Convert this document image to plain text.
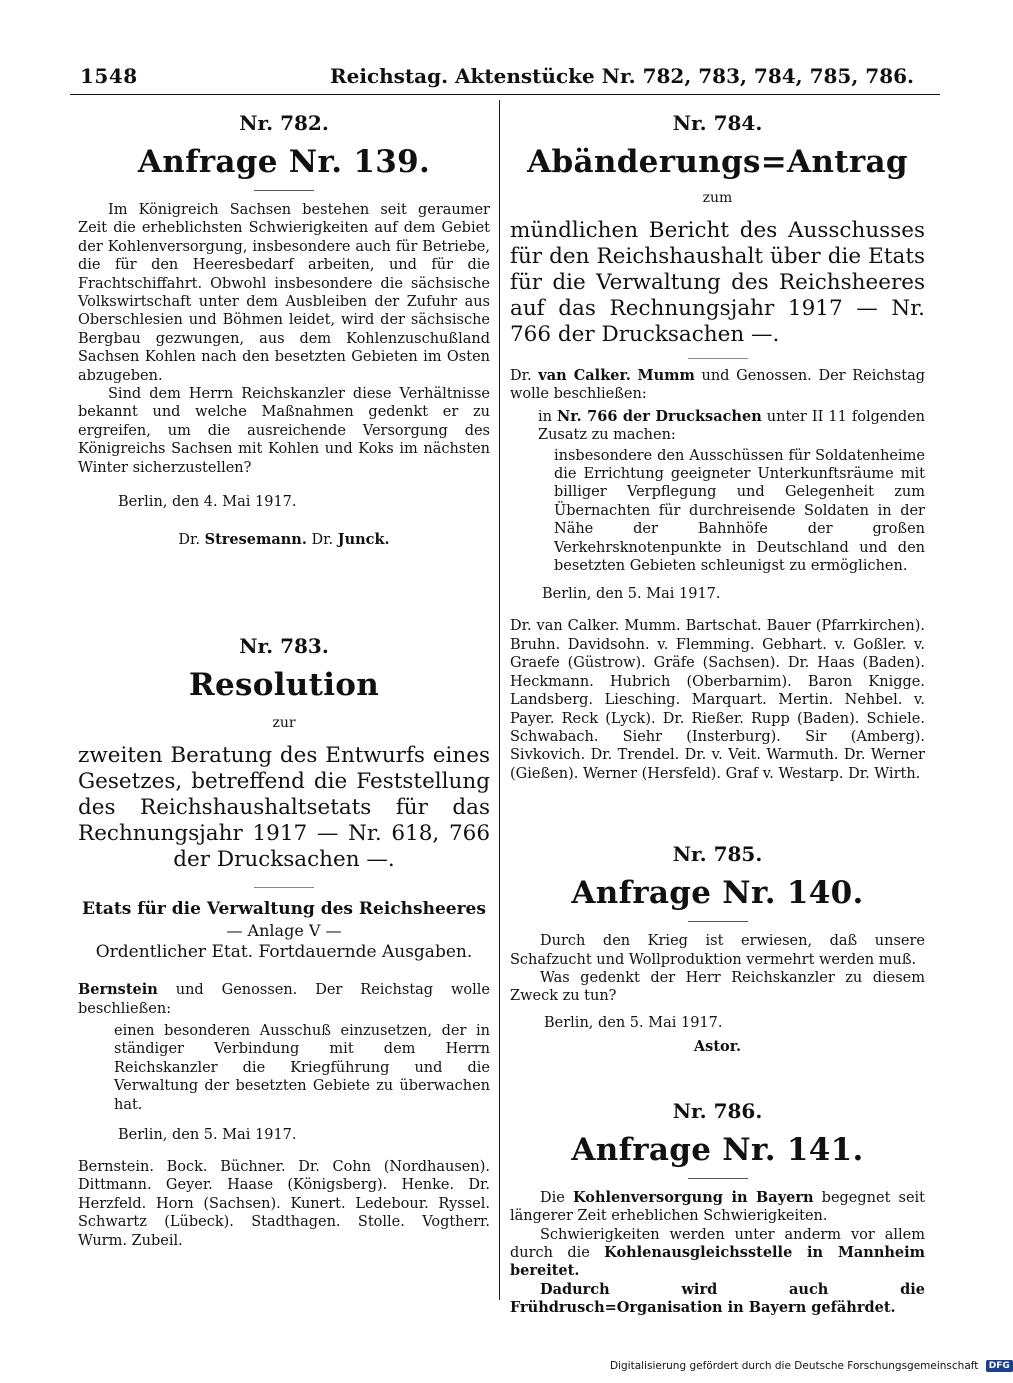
1548	Reichstag. Aktenstücke Nr. 782, 783, 784, 785, 786.

Nr. 782.

Anfrage Nr. 139.

Im Königreich Sachsen bestehen seit geraumer Zeit die erheblichsten Schwierigkeiten auf dem Gebiet der Kohlenversorgung, insbesondere auch für Betriebe, die für den Heeresbedarf arbeiten, und für die Frachtschiffahrt. Obwohl insbesondere die sächsische Volkswirtschaft unter dem Ausbleiben der Zufuhr aus Oberschlesien und Böhmen leidet, wird der sächsische Bergbau gezwungen, aus dem Kohlenzuschußland Sachsen Kohlen nach den besetzten Gebieten im Osten abzugeben.

Sind dem Herrn Reichskanzler diese Verhältnisse bekannt und welche Maßnahmen gedenkt er zu ergreifen, um die ausreichende Versorgung des Königreichs Sachsen mit Kohlen und Koks im nächsten Winter sicherzustellen?

Berlin, den 4. Mai 1917.

Dr. Stresemann. Dr. Junck.

Nr. 783.

Resolution

zur

zweiten Beratung des Entwurfs eines Gesetzes, betreffend die Feststellung des Reichshaushaltsetats für das Rechnungsjahr 1917 — Nr. 618, 766 der Drucksachen —.

Etats für die Verwaltung des Reichsheeres

— Anlage V —

Ordentlicher Etat. Fortdauernde Ausgaben.

Bernstein und Genossen. Der Reichstag wolle beschließen:

einen besonderen Ausschuß einzusetzen, der in ständiger Verbindung mit dem Herrn Reichskanzler die Kriegführung und die Verwaltung der besetzten Gebiete zu überwachen hat.

Berlin, den 5. Mai 1917.

Bernstein. Bock. Büchner. Dr. Cohn (Nordhausen). Dittmann. Geyer. Haase (Königsberg). Henke. Dr. Herzfeld. Horn (Sachsen). Kunert. Ledebour. Ryssel. Schwartz (Lübeck). Stadthagen. Stolle. Vogtherr. Wurm. Zubeil.

Nr. 784.

Abänderungs=Antrag

zum

mündlichen Bericht des Ausschusses für den Reichshaushalt über die Etats für die Verwaltung des Reichsheeres auf das Rechnungsjahr 1917 — Nr. 766 der Drucksachen —.

Dr. van Calker. Mumm und Genossen. Der Reichstag wolle beschließen:

in Nr. 766 der Drucksachen unter II 11 folgenden Zusatz zu machen:

insbesondere den Ausschüssen für Soldatenheime die Errichtung geeigneter Unterkunftsräume mit billiger Verpflegung und Gelegenheit zum Übernachten für durchreisende Soldaten in der Nähe der Bahnhöfe der großen Verkehrsknotenpunkte in Deutschland und den besetzten Gebieten schleunigst zu ermöglichen.

Berlin, den 5. Mai 1917.

Dr. van Calker. Mumm. Bartschat. Bauer (Pfarrkirchen). Bruhn. Davidsohn. v. Flemming. Gebhart. v. Goßler. v. Graefe (Güstrow). Gräfe (Sachsen). Dr. Haas (Baden). Heckmann. Hubrich (Oberbarnim). Baron Knigge. Landsberg. Liesching. Marquart. Mertin. Nehbel. v. Payer. Reck (Lyck). Dr. Rießer. Rupp (Baden). Schiele. Schwabach. Siehr (Insterburg). Sir (Amberg). Sivkovich. Dr. Trendel. Dr. v. Veit. Warmuth. Dr. Werner (Gießen). Werner (Hersfeld). Graf v. Westarp. Dr. Wirth.

Nr. 785.

Anfrage Nr. 140.

Durch den Krieg ist erwiesen, daß unsere Schafzucht und Wollproduktion vermehrt werden muß.

Was gedenkt der Herr Reichskanzler zu diesem Zweck zu tun?

Berlin, den 5. Mai 1917.

Astor.

Nr. 786.

Anfrage Nr. 141.

Die Kohlenversorgung in Bayern begegnet seit längerer Zeit erheblichen Schwierigkeiten.

Schwierigkeiten werden unter anderm vor allem durch die Kohlenausgleichsstelle in Mannheim bereitet.

Dadurch wird auch die Frühdrusch=Organisation in Bayern gefährdet.

Digitalisierung gefördert durch die Deutsche Forschungsgemeinschaft DFG
